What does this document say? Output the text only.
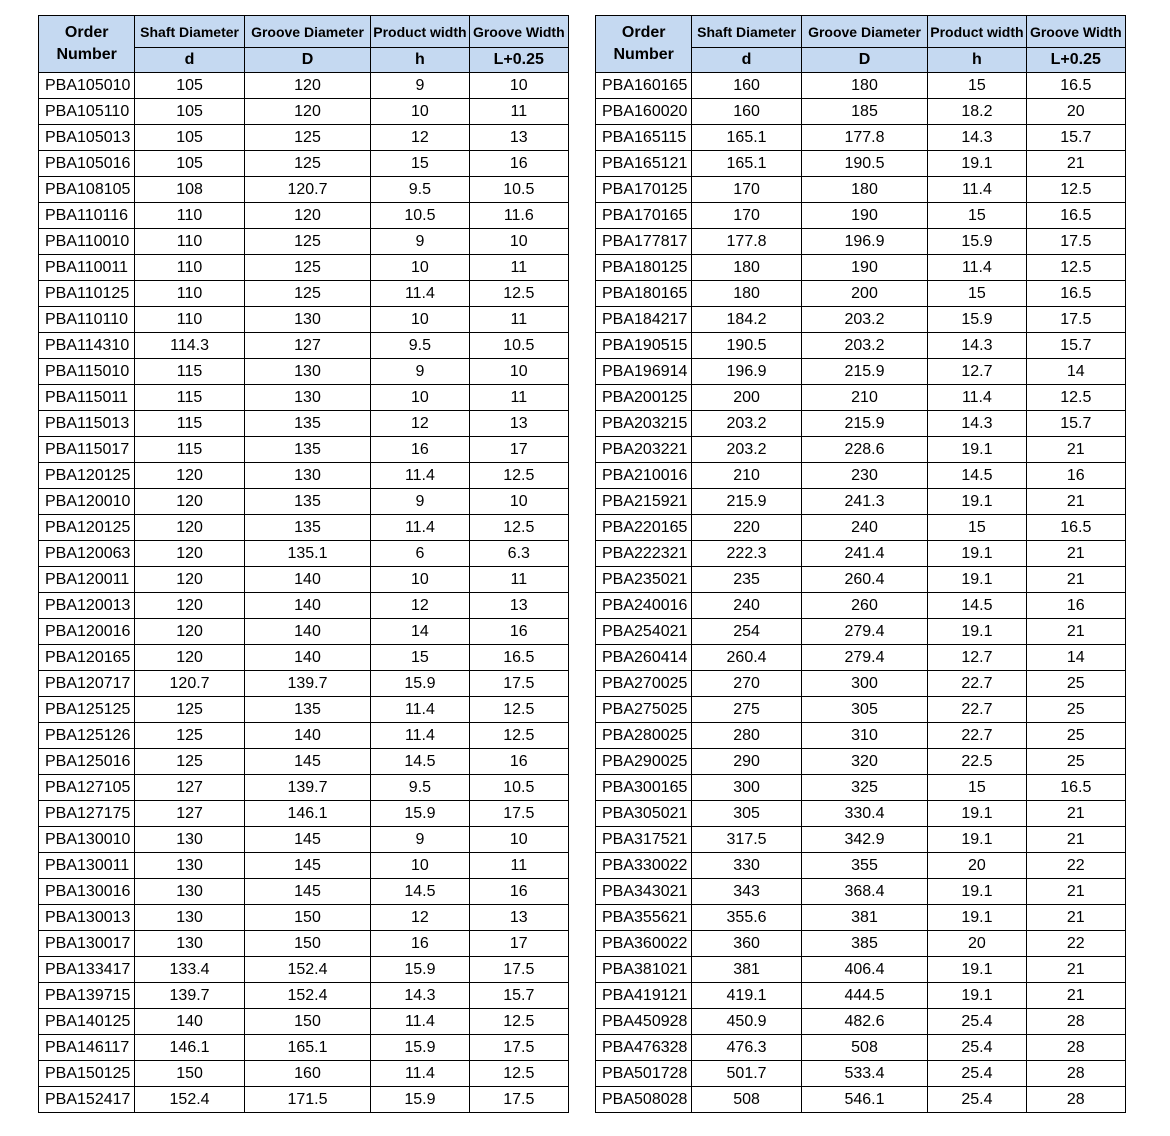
Order Number	Shaft Diameter	Groove Diameter	Product width	Groove Width
	d	D	h	L+0.25
PBA105010	105	120	9	10
PBA105110	105	120	10	11
PBA105013	105	125	12	13
PBA105016	105	125	15	16
PBA108105	108	120.7	9.5	10.5
PBA110116	110	120	10.5	11.6
PBA110010	110	125	9	10
PBA110011	110	125	10	11
PBA110125	110	125	11.4	12.5
PBA110110	110	130	10	11
PBA114310	114.3	127	9.5	10.5
PBA115010	115	130	9	10
PBA115011	115	130	10	11
PBA115013	115	135	12	13
PBA115017	115	135	16	17
PBA120125	120	130	11.4	12.5
PBA120010	120	135	9	10
PBA120125	120	135	11.4	12.5
PBA120063	120	135.1	6	6.3
PBA120011	120	140	10	11
PBA120013	120	140	12	13
PBA120016	120	140	14	16
PBA120165	120	140	15	16.5
PBA120717	120.7	139.7	15.9	17.5
PBA125125	125	135	11.4	12.5
PBA125126	125	140	11.4	12.5
PBA125016	125	145	14.5	16
PBA127105	127	139.7	9.5	10.5
PBA127175	127	146.1	15.9	17.5
PBA130010	130	145	9	10
PBA130011	130	145	10	11
PBA130016	130	145	14.5	16
PBA130013	130	150	12	13
PBA130017	130	150	16	17
PBA133417	133.4	152.4	15.9	17.5
PBA139715	139.7	152.4	14.3	15.7
PBA140125	140	150	11.4	12.5
PBA146117	146.1	165.1	15.9	17.5
PBA150125	150	160	11.4	12.5
PBA152417	152.4	171.5	15.9	17.5
Order Number	Shaft Diameter	Groove Diameter	Product width	Groove Width
	d	D	h	L+0.25
PBA160165	160	180	15	16.5
PBA160020	160	185	18.2	20
PBA165115	165.1	177.8	14.3	15.7
PBA165121	165.1	190.5	19.1	21
PBA170125	170	180	11.4	12.5
PBA170165	170	190	15	16.5
PBA177817	177.8	196.9	15.9	17.5
PBA180125	180	190	11.4	12.5
PBA180165	180	200	15	16.5
PBA184217	184.2	203.2	15.9	17.5
PBA190515	190.5	203.2	14.3	15.7
PBA196914	196.9	215.9	12.7	14
PBA200125	200	210	11.4	12.5
PBA203215	203.2	215.9	14.3	15.7
PBA203221	203.2	228.6	19.1	21
PBA210016	210	230	14.5	16
PBA215921	215.9	241.3	19.1	21
PBA220165	220	240	15	16.5
PBA222321	222.3	241.4	19.1	21
PBA235021	235	260.4	19.1	21
PBA240016	240	260	14.5	16
PBA254021	254	279.4	19.1	21
PBA260414	260.4	279.4	12.7	14
PBA270025	270	300	22.7	25
PBA275025	275	305	22.7	25
PBA280025	280	310	22.7	25
PBA290025	290	320	22.5	25
PBA300165	300	325	15	16.5
PBA305021	305	330.4	19.1	21
PBA317521	317.5	342.9	19.1	21
PBA330022	330	355	20	22
PBA343021	343	368.4	19.1	21
PBA355621	355.6	381	19.1	21
PBA360022	360	385	20	22
PBA381021	381	406.4	19.1	21
PBA419121	419.1	444.5	19.1	21
PBA450928	450.9	482.6	25.4	28
PBA476328	476.3	508	25.4	28
PBA501728	501.7	533.4	25.4	28
PBA508028	508	546.1	25.4	28
